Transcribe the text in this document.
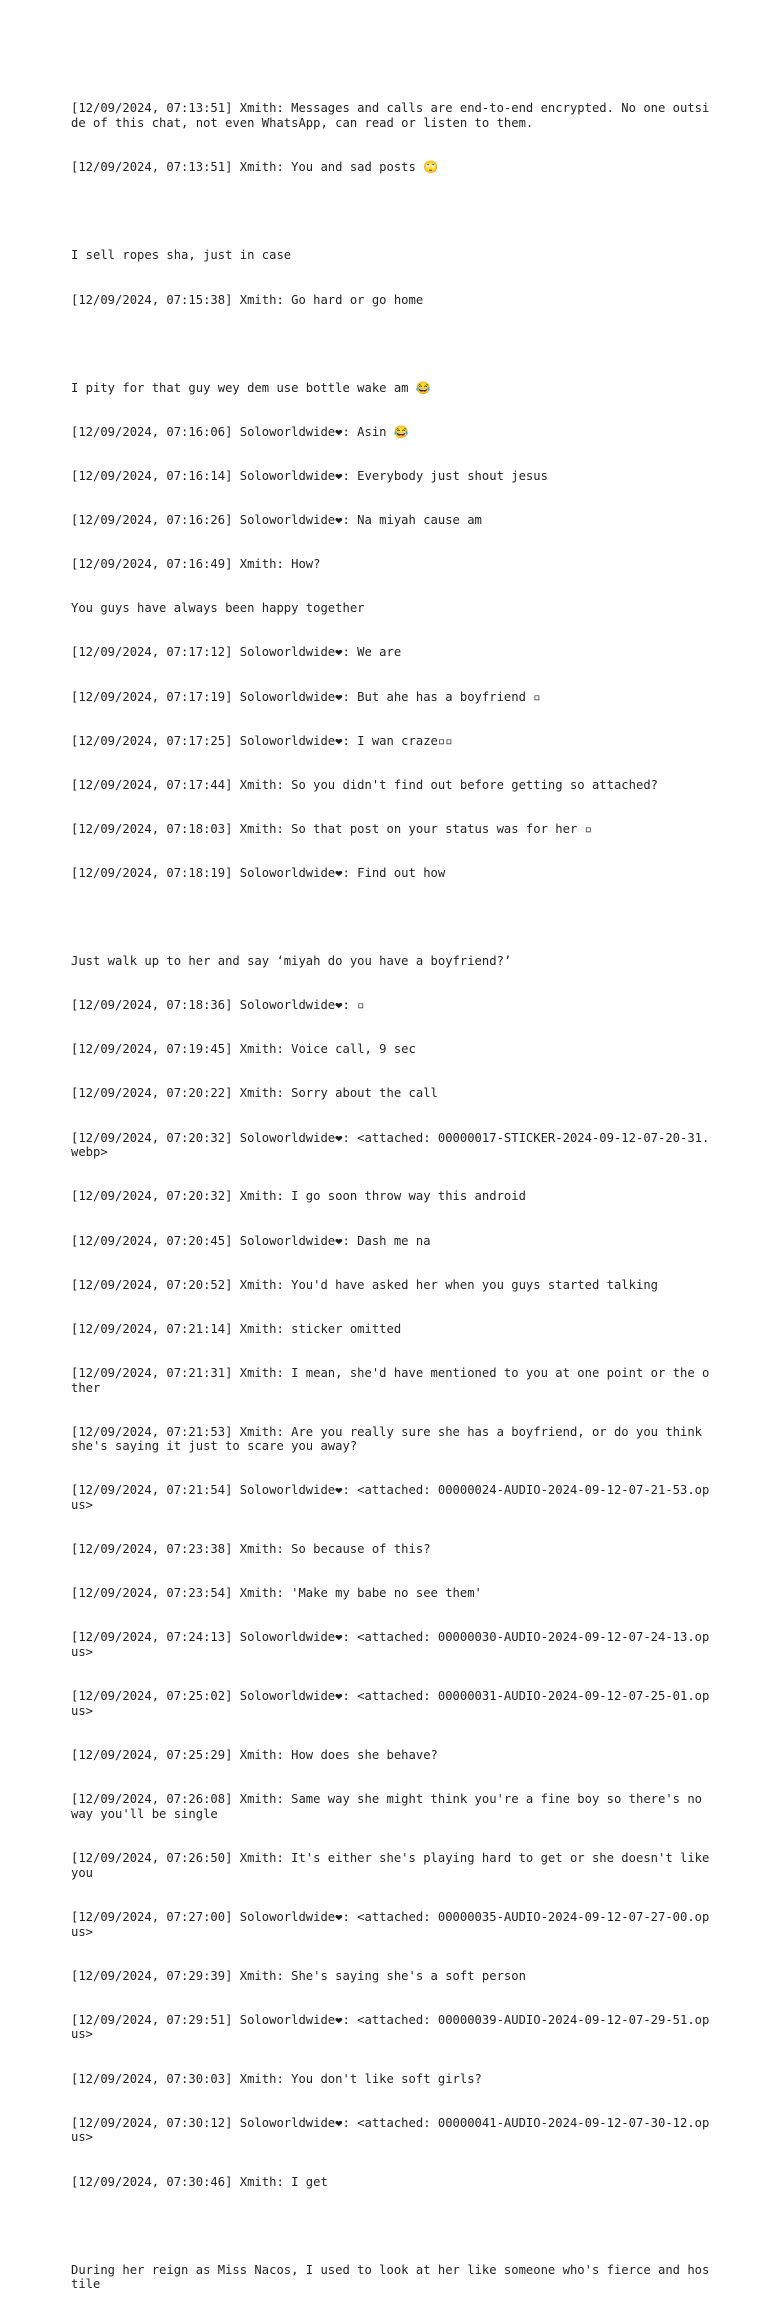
[12/09/2024, 07:13:51] Xmith: Messages and calls are end-to-end encrypted. No one outside of this chat, not even WhatsApp, can read or listen to them.

[12/09/2024, 07:13:51] Xmith: You and sad posts 🙄

I sell ropes sha, just in case

[12/09/2024, 07:15:38] Xmith: Go hard or go home

I pity for that guy wey dem use bottle wake am 😂

[12/09/2024, 07:16:06] Soloworldwide❤: Asin 😂

[12/09/2024, 07:16:14] Soloworldwide❤: Everybody just shout jesus

[12/09/2024, 07:16:26] Soloworldwide❤: Na miyah cause am

[12/09/2024, 07:16:49] Xmith: How?

You guys have always been happy together

[12/09/2024, 07:17:12] Soloworldwide❤: We are

[12/09/2024, 07:17:19] Soloworldwide❤: But ahe has a boyfriend ▫

[12/09/2024, 07:17:25] Soloworldwide❤: I wan craze▫▫

[12/09/2024, 07:17:44] Xmith: So you didn't find out before getting so attached?

[12/09/2024, 07:18:03] Xmith: So that post on your status was for her ▫

[12/09/2024, 07:18:19] Soloworldwide❤: Find out how

Just walk up to her and say ‘miyah do you have a boyfriend?’

[12/09/2024, 07:18:36] Soloworldwide❤: ▫

[12/09/2024, 07:19:45] Xmith: Voice call, 9 sec

[12/09/2024, 07:20:22] Xmith: Sorry about the call

[12/09/2024, 07:20:32] Soloworldwide❤: <attached: 00000017-STICKER-2024-09-12-07-20-31.webp>

[12/09/2024, 07:20:32] Xmith: I go soon throw way this android

[12/09/2024, 07:20:45] Soloworldwide❤: Dash me na

[12/09/2024, 07:20:52] Xmith: You'd have asked her when you guys started talking

[12/09/2024, 07:21:14] Xmith: sticker omitted

[12/09/2024, 07:21:31] Xmith: I mean, she'd have mentioned to you at one point or the other

[12/09/2024, 07:21:53] Xmith: Are you really sure she has a boyfriend, or do you think she's saying it just to scare you away?

[12/09/2024, 07:21:54] Soloworldwide❤: <attached: 00000024-AUDIO-2024-09-12-07-21-53.opus>

[12/09/2024, 07:23:38] Xmith: So because of this?

[12/09/2024, 07:23:54] Xmith: 'Make my babe no see them'

[12/09/2024, 07:24:13] Soloworldwide❤: <attached: 00000030-AUDIO-2024-09-12-07-24-13.opus>

[12/09/2024, 07:25:02] Soloworldwide❤: <attached: 00000031-AUDIO-2024-09-12-07-25-01.opus>

[12/09/2024, 07:25:29] Xmith: How does she behave?

[12/09/2024, 07:26:08] Xmith: Same way she might think you're a fine boy so there's no way you'll be single

[12/09/2024, 07:26:50] Xmith: It's either she's playing hard to get or she doesn't like you

[12/09/2024, 07:27:00] Soloworldwide❤: <attached: 00000035-AUDIO-2024-09-12-07-27-00.opus>

[12/09/2024, 07:29:39] Xmith: She's saying she's a soft person

[12/09/2024, 07:29:51] Soloworldwide❤: <attached: 00000039-AUDIO-2024-09-12-07-29-51.opus>

[12/09/2024, 07:30:03] Xmith: You don't like soft girls?

[12/09/2024, 07:30:12] Soloworldwide❤: <attached: 00000041-AUDIO-2024-09-12-07-30-12.opus>

[12/09/2024, 07:30:46] Xmith: I get

During her reign as Miss Nacos, I used to look at her like someone who's fierce and hostile
